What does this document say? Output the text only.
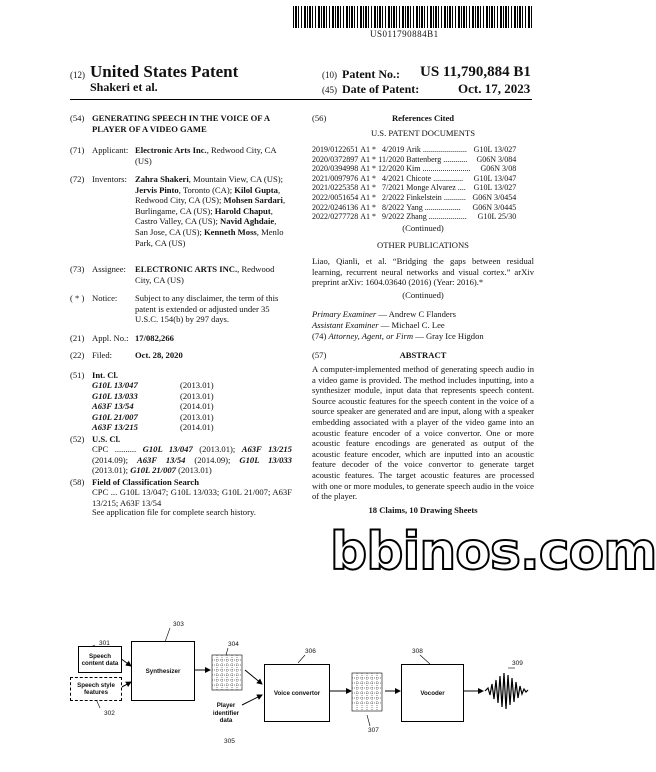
US011790884B1
(12) United States Patent
Shakeri et al.
(10) Patent No.: US 11,790,884 B1
(45) Date of Patent:	Oct. 17, 2023
(54) GENERATING SPEECH IN THE VOICE OF A PLAYER OF A VIDEO GAME
(71) Applicant: Electronic Arts Inc., Redwood City, CA (US)
(72) Inventors: Zahra Shakeri, Mountain View, CA (US); Jervis Pinto, Toronto (CA); Kilol Gupta, Redwood City, CA (US); Mohsen Sardari, Burlingame, CA (US); Harold Chaput, Castro Valley, CA (US); Navid Aghdaie, San Jose, CA (US); Kenneth Moss, Menlo Park, CA (US)
(73) Assignee: ELECTRONIC ARTS INC., Redwood City, CA (US)
( * ) Notice: Subject to any disclaimer, the term of this patent is extended or adjusted under 35 U.S.C. 154(b) by 297 days.
(21) Appl. No.: 17/082,266
(22) Filed:	Oct. 28, 2020
(51) Int. Cl.
G10L 13/047	(2013.01)
G10L 13/033	(2013.01)
A63F 13/54	(2014.01)
G10L 21/007	(2013.01)
A63F 13/215	(2014.01)
(52) U.S. Cl.
CPC .......... G10L 13/047 (2013.01); A63F 13/215 (2014.09); A63F 13/54 (2014.09); G10L 13/033 (2013.01); G10L 21/007 (2013.01)
(58) Field of Classification Search
CPC ... G10L 13/047; G10L 13/033; G10L 21/007; A63F 13/215; A63F 13/54
See application file for complete search history.
(56)	References Cited
U.S. PATENT DOCUMENTS
2019/0122651	A1 *	4/2019	Arik ......................	G10L 13/027
2020/0372897	A1 *	11/2020	Battenberg ............	G06N 3/084
2020/0394998	A1 *	12/2020	Kim ........................	G06N 3/08
2021/0097976	A1 *	4/2021	Chicote ...............	G10L 13/047
2021/0225358	A1 *	7/2021	Monge Alvarez ....	G10L 13/027
2022/0051654	A1 *	2/2022	Finkelstein ...........	G06N 3/0454
2022/0246136	A1 *	8/2022	Yang ..................	G06N 3/0445
2022/0277728	A1 *	9/2022	Zhang ...................	G10L 25/30
(Continued)
OTHER PUBLICATIONS
Liao, Qianli, et al. “Bridging the gaps between residual learning, recurrent neural networks and visual cortex.” arXiv preprint arXiv: 1604.03640 (2016) (Year: 2016).*
(Continued)
Primary Examiner — Andrew C Flanders
Assistant Examiner — Michael C. Lee
(74) Attorney, Agent, or Firm — Gray Ice Higdon
(57)	ABSTRACT
A computer-implemented method of generating speech audio in a video game is provided. The method includes inputting, into a synthesizer module, input data that represents speech content. Source acoustic features for the speech content in the voice of a source speaker are generated and are input, along with a speaker embedding associated with a player of the video game into an acoustic feature encoder of a voice convertor. One or more acoustic feature encodings are generated as output of the acoustic feature encoder, which are inputted into an acoustic feature decoder of the voice convertor to generate target acoustic features. The target acoustic features are processed with one or more modules, to generate speech audio in the voice of the player.
18 Claims, 10 Drawing Sheets
bbinos.com
Speech content data
Speech style features
Synthesizer
Player identifier data
Voice convertor	Vocoder
301
302
303
304
305
306
307
308
309
